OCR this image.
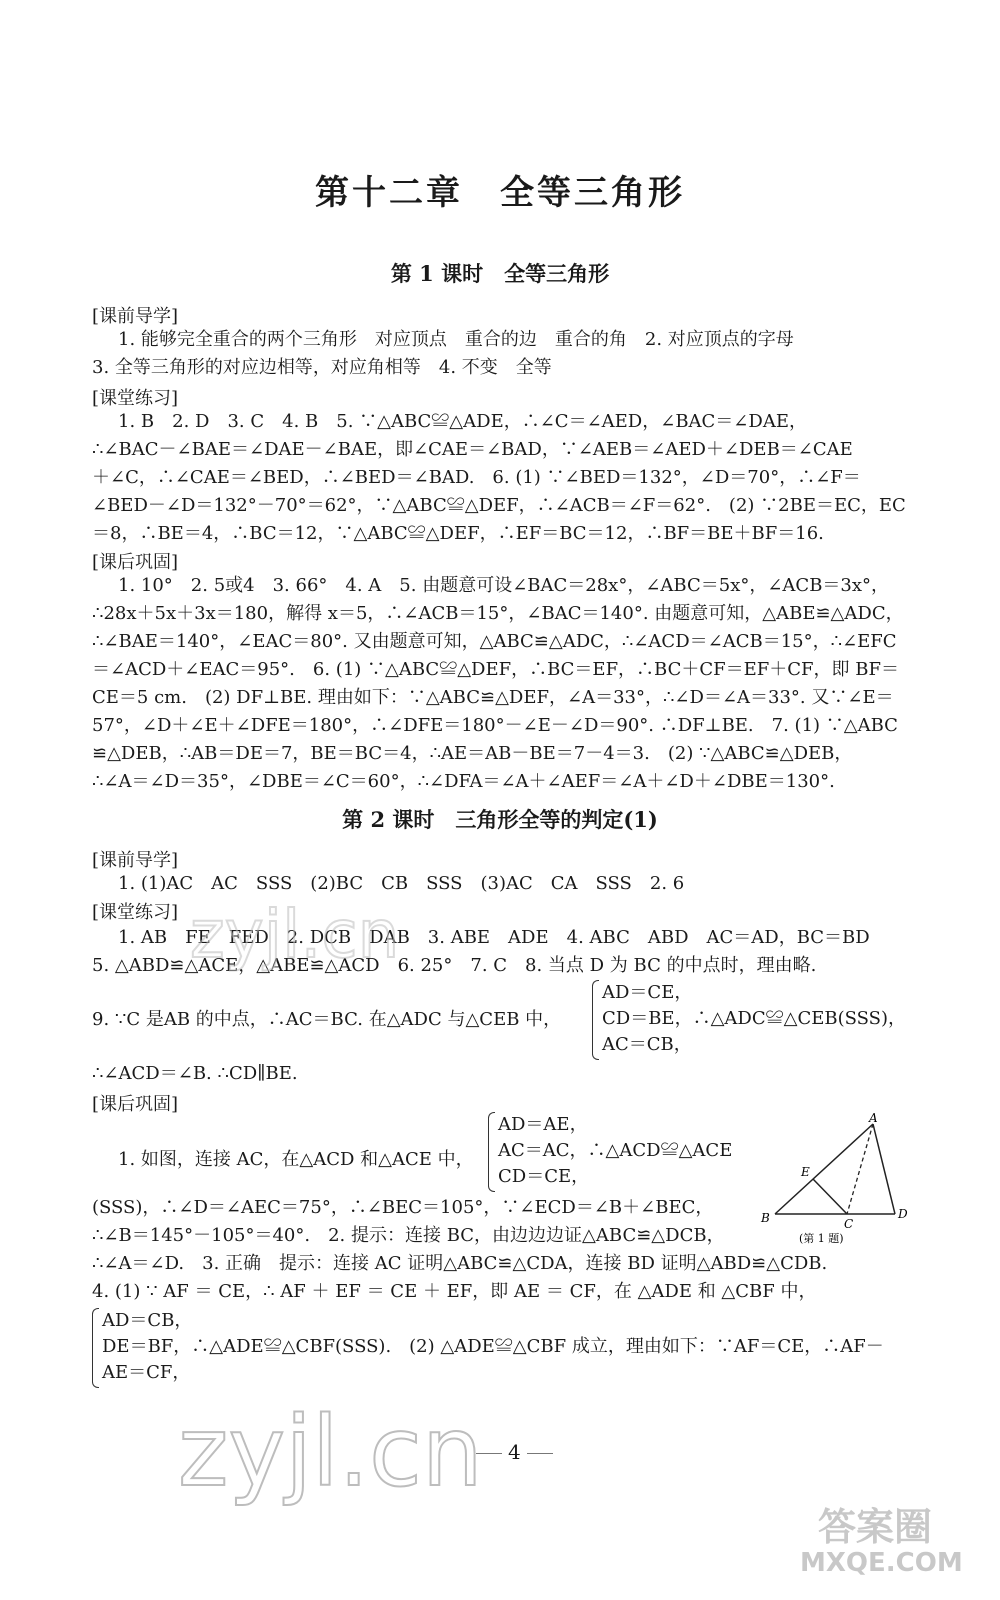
第十二章　全等三角形
第 1 课时　全等三角形
[课前导学]
1. 能够完全重合的两个三角形　对应顶点　重合的边　重合的角　2. 对应顶点的字母
3. 全等三角形的对应边相等，对应角相等　4. 不变　全等
[课堂练习]
1. B　2. D　3. C　4. B　5. ∵△ABC≌△ADE，∴∠C＝∠AED，∠BAC＝∠DAE，
∴∠BAC－∠BAE＝∠DAE－∠BAE，即∠CAE＝∠BAD，∵∠AEB＝∠AED＋∠DEB＝∠CAE
＋∠C，∴∠CAE＝∠BED，∴∠BED＝∠BAD.　6. (1) ∵∠BED＝132°，∠D＝70°，∴∠F＝
∠BED－∠D＝132°－70°＝62°，∵△ABC≌△DEF，∴∠ACB＝∠F＝62°.　(2) ∵2BE＝EC，EC
＝8，∴BE＝4，∴BC＝12，∵△ABC≌△DEF，∴EF＝BC＝12，∴BF＝BE＋BF＝16.
[课后巩固]
1. 10°　2. 5或4　3. 66°　4. A　5. 由题意可设∠BAC＝28x°，∠ABC＝5x°，∠ACB＝3x°，
∴28x＋5x＋3x＝180，解得 x＝5，∴∠ACB＝15°，∠BAC＝140°. 由题意可知，△ABE≌△ADC，
∴∠BAE＝140°，∠EAC＝80°. 又由题意可知，△ABC≌△ADC，∴∠ACD＝∠ACB＝15°，∴∠EFC
＝∠ACD＋∠EAC＝95°.　6. (1) ∵△ABC≌△DEF，∴BC＝EF，∴BC＋CF＝EF＋CF，即 BF＝
CE＝5 cm.　(2) DF⊥BE. 理由如下：∵△ABC≌△DEF，∠A＝33°，∴∠D＝∠A＝33°. 又∵∠E＝
57°，∠D＋∠E＋∠DFE＝180°，∴∠DFE＝180°－∠E－∠D＝90°. ∴DF⊥BE.　7. (1) ∵△ABC
≌△DEB，∴AB＝DE＝7，BE＝BC＝4，∴AE＝AB－BE＝7－4＝3.　(2) ∵△ABC≌△DEB，
∴∠A＝∠D＝35°，∠DBE＝∠C＝60°，∴∠DFA＝∠A＋∠AEF＝∠A＋∠D＋∠DBE＝130°.
第 2 课时　三角形全等的判定(1)
[课前导学]
1. (1)AC　AC　SSS　(2)BC　CB　SSS　(3)AC　CA　SSS　2. 6
[课堂练习]
1. AB　FE　FED　2. DCB　DAB　3. ABE　ADE　4. ABC　ABD　AC＝AD，BC＝BD
5. △ABD≌△ACE，△ABE≌△ACD　6. 25°　7. C　8. 当点 D 为 BC 的中点时，理由略.
9. ∵C 是AB 的中点，∴AC＝BC. 在△ADC 与△CEB 中，
AD＝CE，
CD＝BE，∴△ADC≌△CEB(SSS)，
AC＝CB，
∴∠ACD＝∠B. ∴CD∥BE.
[课后巩固]
1. 如图，连接 AC，在△ACD 和△ACE 中，
AD＝AE，
AC＝AC，∴△ACD≌△ACE
CD＝CE，
(SSS)，∴∠D＝∠AEC＝75°，∴∠BEC＝105°，∵∠ECD＝∠B＋∠BEC，
∴∠B＝145°－105°＝40°.　2. 提示：连接 BC，由边边边证△ABC≌△DCB，
∴∠A＝∠D.　3. 正确　提示：连接 AC 证明△ABC≌△CDA，连接 BD 证明△ABD≌△CDB.
4. (1) ∵ AF ＝ CE，∴ AF ＋ EF ＝ CE ＋ EF，即 AE ＝ CF，在 △ADE 和 △CBF 中，
AD＝CB，
DE＝BF，∴△ADE≌△CBF(SSS).　(2) △ADE≌△CBF 成立，理由如下：∵AF＝CE，∴AF－
AE＝CF，
A
E
B	C
D
(第 1 题)
zyjl.cn
zyjl.cn
答案圈
MXQE.COM
4
